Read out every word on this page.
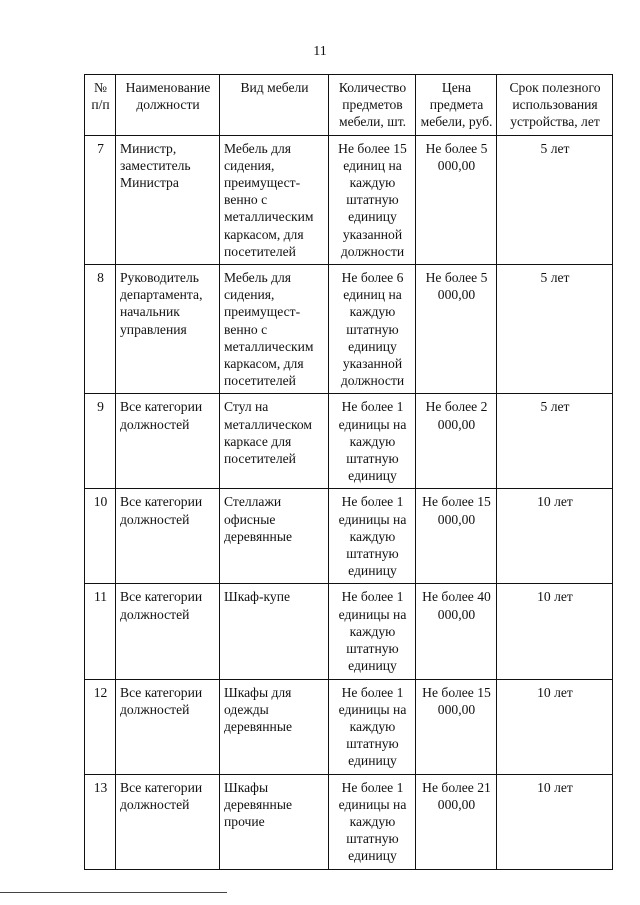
11
№ п/п	Наименование должности	Вид мебели	Количество предметов мебели, шт.	Цена предмета мебели, руб.	Срок полезного использования устройства, лет
7	Министр, заместитель Министра	Мебель для сидения, преимущест-венно с металлическим каркасом, для посетителей	Не более 15 единиц на каждую штатную единицу указанной должности	Не более 5 000,00	5 лет
8	Руководитель департамента, начальник управления	Мебель для сидения, преимущест-венно с металлическим каркасом, для посетителей	Не более 6 единиц на каждую штатную единицу указанной должности	Не более 5 000,00	5 лет
9	Все категории должностей	Стул на металлическом каркасе для посетителей	Не более 1 единицы на каждую штатную единицу	Не более 2 000,00	5 лет
10	Все категории должностей	Стеллажи офисные деревянные	Не более 1 единицы на каждую штатную единицу	Не более 15 000,00	10 лет
11	Все категории должностей	Шкаф-купе	Не более 1 единицы на каждую штатную единицу	Не более 40 000,00	10 лет
12	Все категории должностей	Шкафы для одежды деревянные	Не более 1 единицы на каждую штатную единицу	Не более 15 000,00	10 лет
13	Все категории должностей	Шкафы деревянные прочие	Не более 1 единицы на каждую штатную единицу	Не более 21 000,00	10 лет
